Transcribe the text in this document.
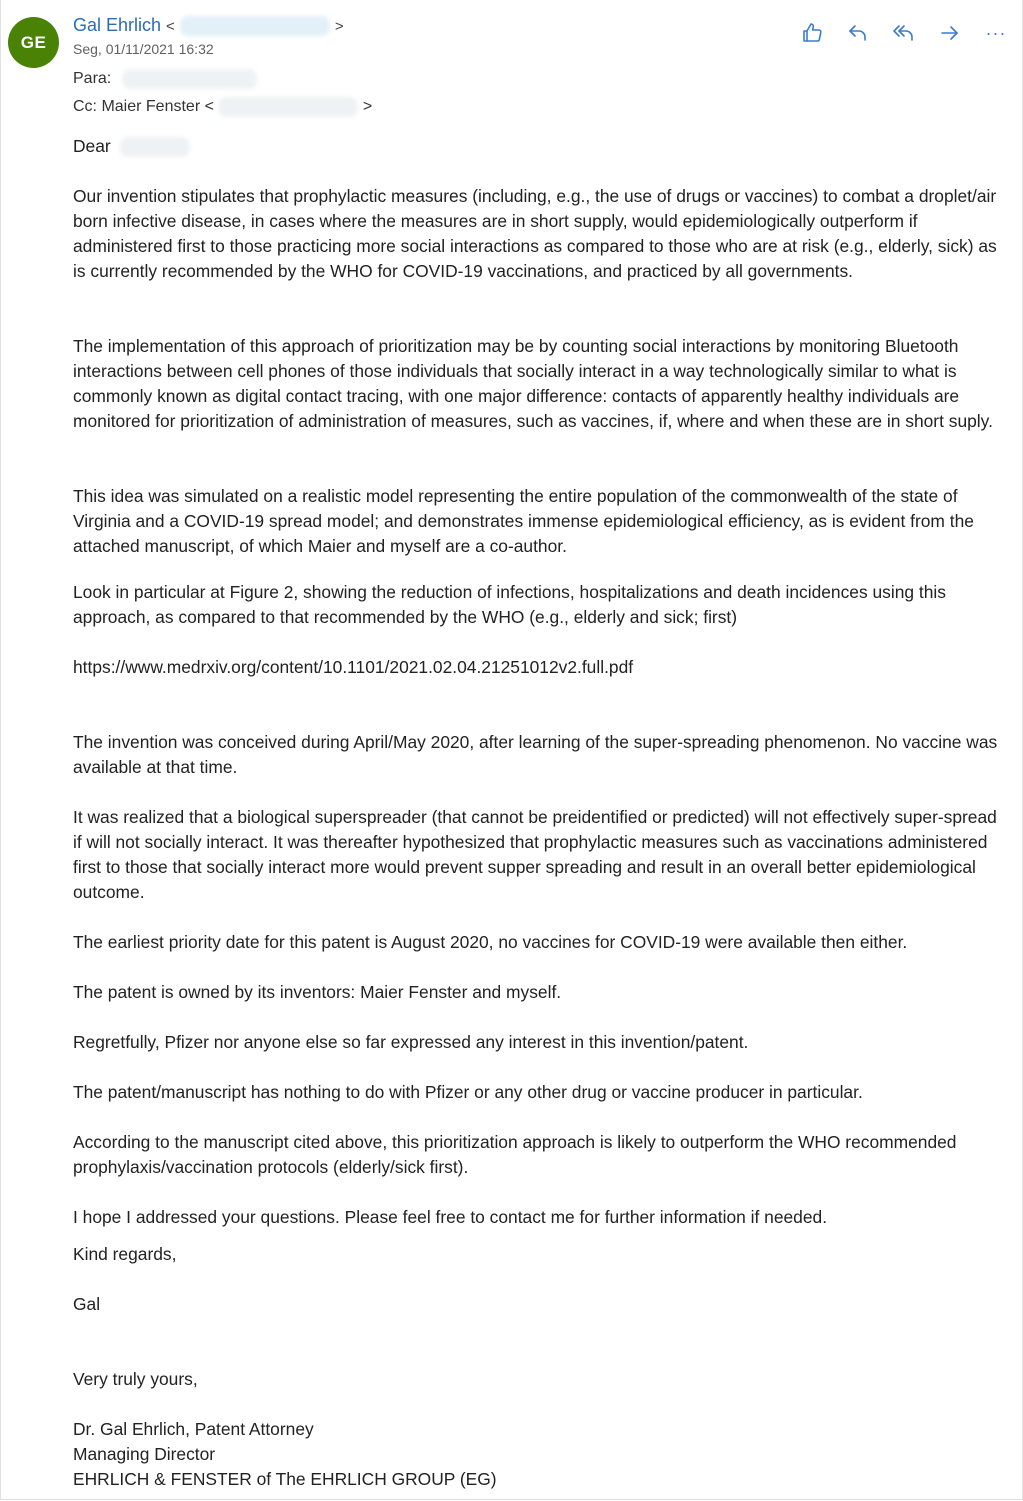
GE
Gal Ehrlich <	>
Seg, 01/11/2021 16:32
Para:
Cc: Maier Fenster <	>
···
Dear
Our invention stipulates that prophylactic measures (including, e.g., the use of drugs or vaccines) to combat a droplet/air born infective disease, in cases where the measures are in short supply, would epidemiologically outperform if administered first to those practicing more social interactions as compared to those who are at risk (e.g., elderly, sick) as is currently recommended by the WHO for COVID-19 vaccinations, and practiced by all governments.
The implementation of this approach of prioritization may be by counting social interactions by monitoring Bluetooth interactions between cell phones of those individuals that socially interact in a way technologically similar to what is commonly known as digital contact tracing, with one major difference: contacts of apparently healthy individuals are monitored for prioritization of administration of measures, such as vaccines, if, where and when these are in short suply.
This idea was simulated on a realistic model representing the entire population of the commonwealth of the state of Virginia and a COVID-19 spread model; and demonstrates immense epidemiological efficiency, as is evident from the attached manuscript, of which Maier and myself are a co-author.
Look in particular at Figure 2, showing the reduction of infections, hospitalizations and death incidences using this approach, as compared to that recommended by the WHO (e.g., elderly and sick; first)
https://www.medrxiv.org/content/10.1101/2021.02.04.21251012v2.full.pdf
The invention was conceived during April/May 2020, after learning of the super-spreading phenomenon. No vaccine was available at that time.
It was realized that a biological superspreader (that cannot be preidentified or predicted) will not effectively super-spread if will not socially interact. It was thereafter hypothesized that prophylactic measures such as vaccinations administered first to those that socially interact more would prevent supper spreading and result in an overall better epidemiological outcome.
The earliest priority date for this patent is August 2020, no vaccines for COVID-19 were available then either.
The patent is owned by its inventors: Maier Fenster and myself.
Regretfully, Pfizer nor anyone else so far expressed any interest in this invention/patent.
The patent/manuscript has nothing to do with Pfizer or any other drug or vaccine producer in particular.
According to the manuscript cited above, this prioritization approach is likely to outperform the WHO recommended prophylaxis/vaccination protocols (elderly/sick first).
I hope I addressed your questions. Please feel free to contact me for further information if needed.
Kind regards,
Gal
Very truly yours,
Dr. Gal Ehrlich, Patent Attorney
Managing Director
EHRLICH & FENSTER of The EHRLICH GROUP (EG)
